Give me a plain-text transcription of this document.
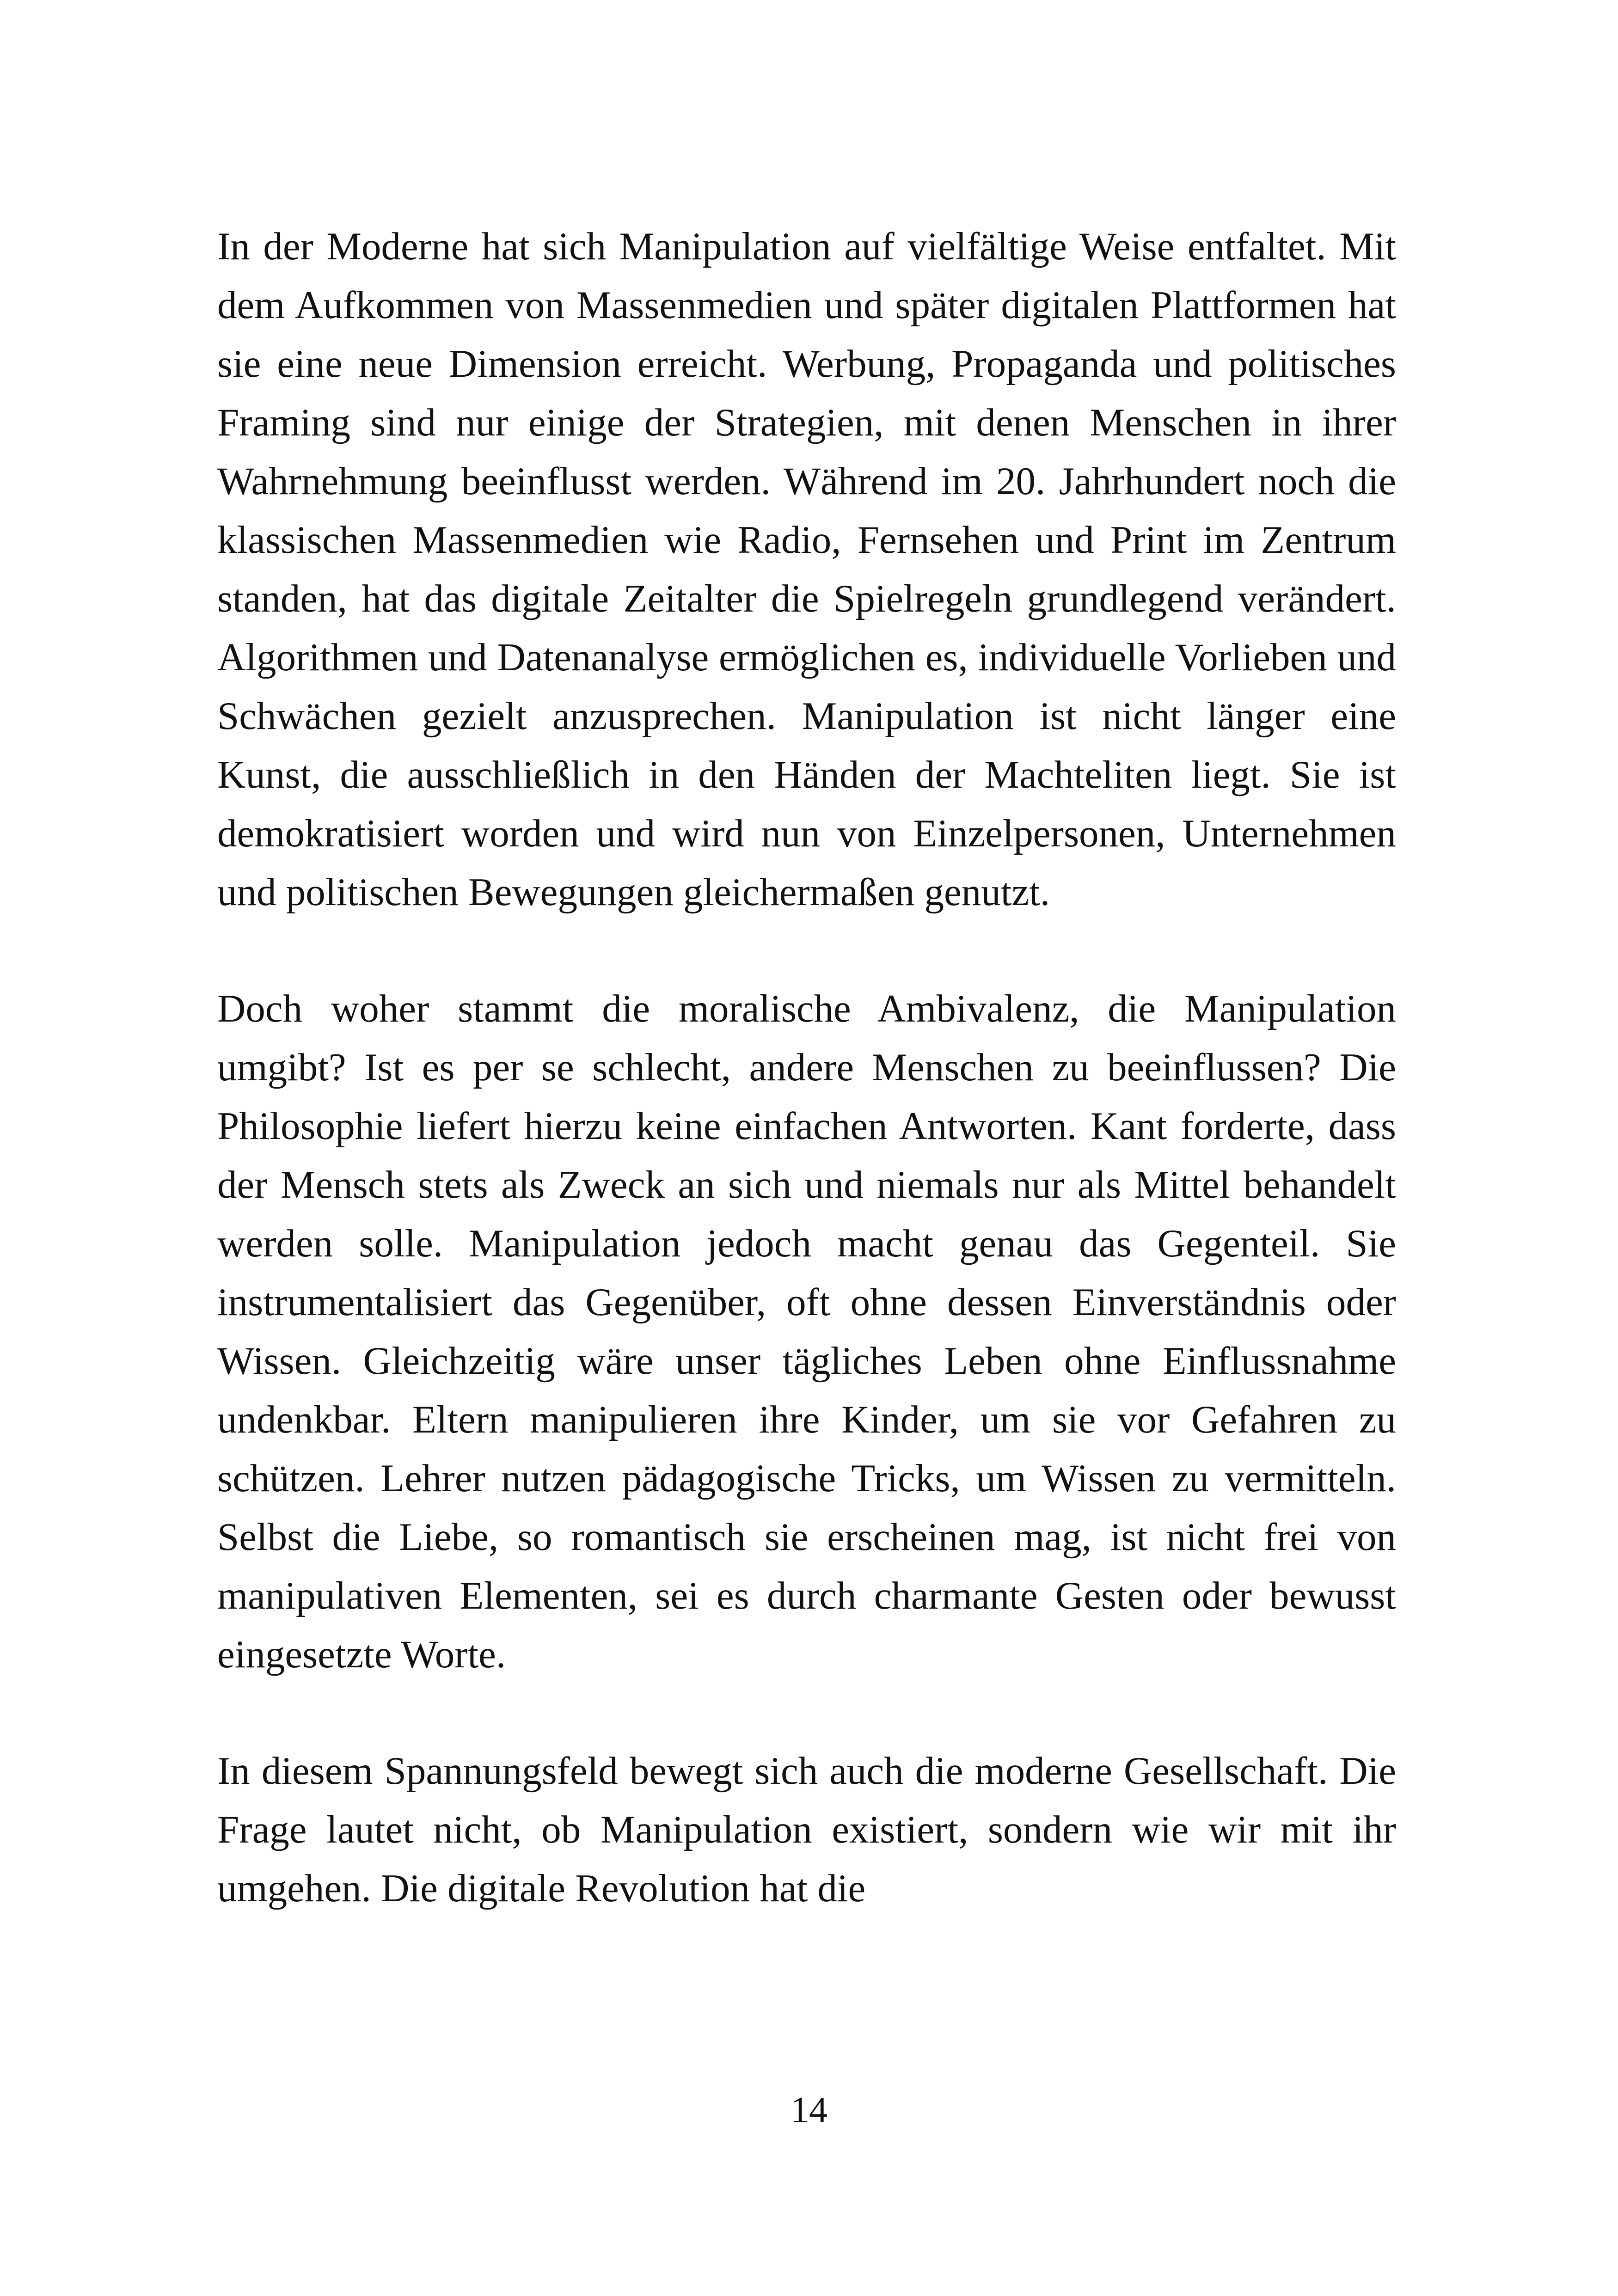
In der Moderne hat sich Manipulation auf vielfältige Weise entfaltet. Mit dem Aufkommen von Massenmedien und später digitalen Plattformen hat sie eine neue Dimension erreicht. Werbung, Propaganda und politisches Framing sind nur einige der Strategien, mit denen Menschen in ihrer Wahrnehmung beeinflusst werden. Während im 20. Jahrhundert noch die klassischen Massenmedien wie Radio, Fernsehen und Print im Zentrum standen, hat das digitale Zeitalter die Spielregeln grundlegend verändert. Algorithmen und Datenanalyse ermöglichen es, individuelle Vorlieben und Schwächen gezielt anzusprechen. Manipulation ist nicht länger eine Kunst, die ausschließlich in den Händen der Machteliten liegt. Sie ist demokratisiert worden und wird nun von Einzelpersonen, Unternehmen und politischen Bewegungen gleichermaßen genutzt.

Doch woher stammt die moralische Ambivalenz, die Manipulation umgibt? Ist es per se schlecht, andere Menschen zu beeinflussen? Die Philosophie liefert hierzu keine einfachen Antworten. Kant forderte, dass der Mensch stets als Zweck an sich und niemals nur als Mittel behandelt werden solle. Manipulation jedoch macht genau das Gegenteil. Sie instrumentalisiert das Gegenüber, oft ohne dessen Einverständnis oder Wissen. Gleichzeitig wäre unser tägliches Leben ohne Einflussnahme undenkbar. Eltern manipulieren ihre Kinder, um sie vor Gefahren zu schützen. Lehrer nutzen pädagogische Tricks, um Wissen zu vermitteln. Selbst die Liebe, so romantisch sie erscheinen mag, ist nicht frei von manipulativen Elementen, sei es durch charmante Gesten oder bewusst eingesetzte Worte.

In diesem Spannungsfeld bewegt sich auch die moderne Gesellschaft. Die Frage lautet nicht, ob Manipulation existiert, sondern wie wir mit ihr umgehen. Die digitale Revolution hat die

14
